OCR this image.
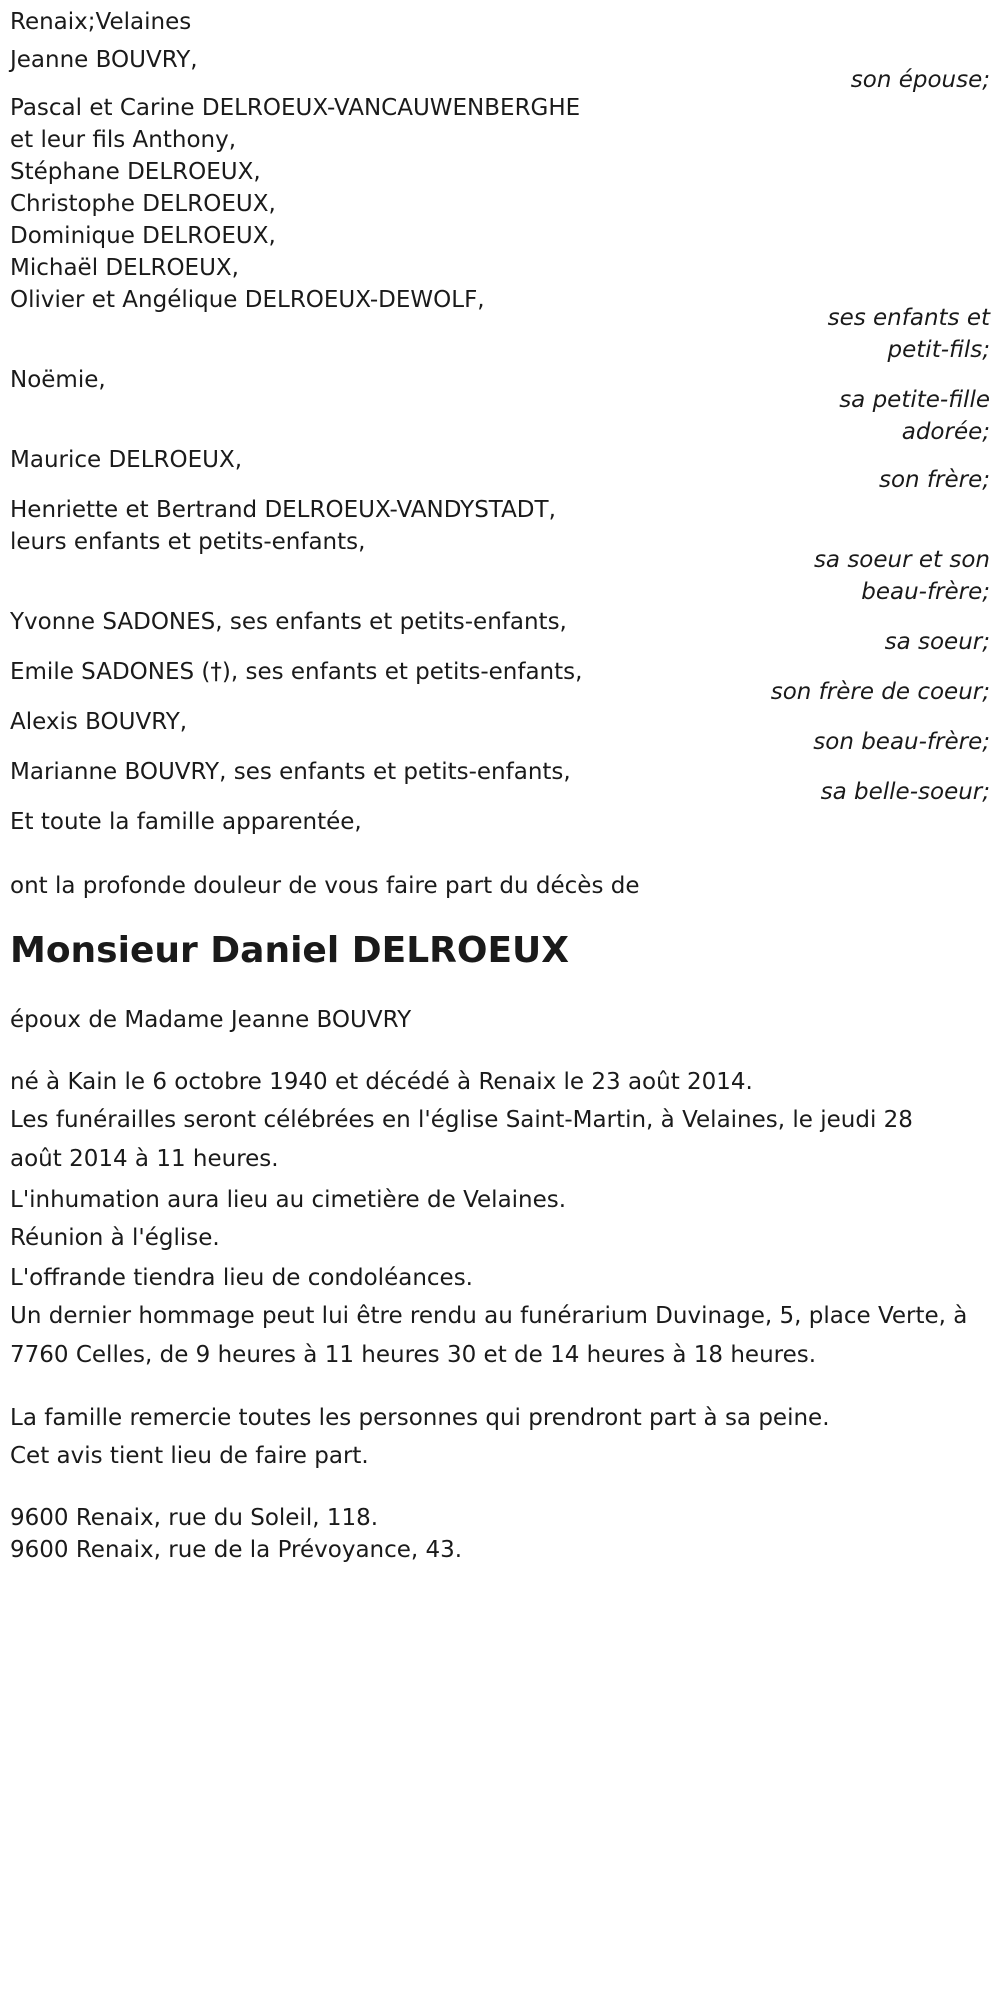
Renaix;Velaines
Jeanne BOUVRY,
son épouse;
Pascal et Carine DELROEUX-VANCAUWENBERGHE
et leur fils Anthony,
Stéphane DELROEUX,
Christophe DELROEUX,
Dominique DELROEUX,
Michaël DELROEUX,
Olivier et Angélique DELROEUX-DEWOLF,
ses enfants et
petit-fils;
Noëmie,
sa petite-fille
adorée;
Maurice DELROEUX,
son frère;
Henriette et Bertrand DELROEUX-VANDYSTADT,
leurs enfants et petits-enfants,
sa soeur et son
beau-frère;
Yvonne SADONES, ses enfants et petits-enfants,
sa soeur;
Emile SADONES (†), ses enfants et petits-enfants,
son frère de coeur;
Alexis BOUVRY,
son beau-frère;
Marianne BOUVRY, ses enfants et petits-enfants,
sa belle-soeur;
Et toute la famille apparentée,
ont la profonde douleur de vous faire part du décès de
Monsieur Daniel DELROEUX
époux de Madame Jeanne BOUVRY
né à Kain le 6 octobre 1940 et décédé à Renaix le 23 août 2014.
Les funérailles seront célébrées en l'église Saint-Martin, à Velaines, le jeudi 28 août 2014 à 11 heures.
L'inhumation aura lieu au cimetière de Velaines.
Réunion à l'église.
L'offrande tiendra lieu de condoléances.
Un dernier hommage peut lui être rendu au funérarium Duvinage, 5, place Verte, à 7760 Celles, de 9 heures à 11 heures 30 et de 14 heures à 18 heures.
La famille remercie toutes les personnes qui prendront part à sa peine.
Cet avis tient lieu de faire part.
9600 Renaix, rue du Soleil, 118.
9600 Renaix, rue de la Prévoyance, 43.
